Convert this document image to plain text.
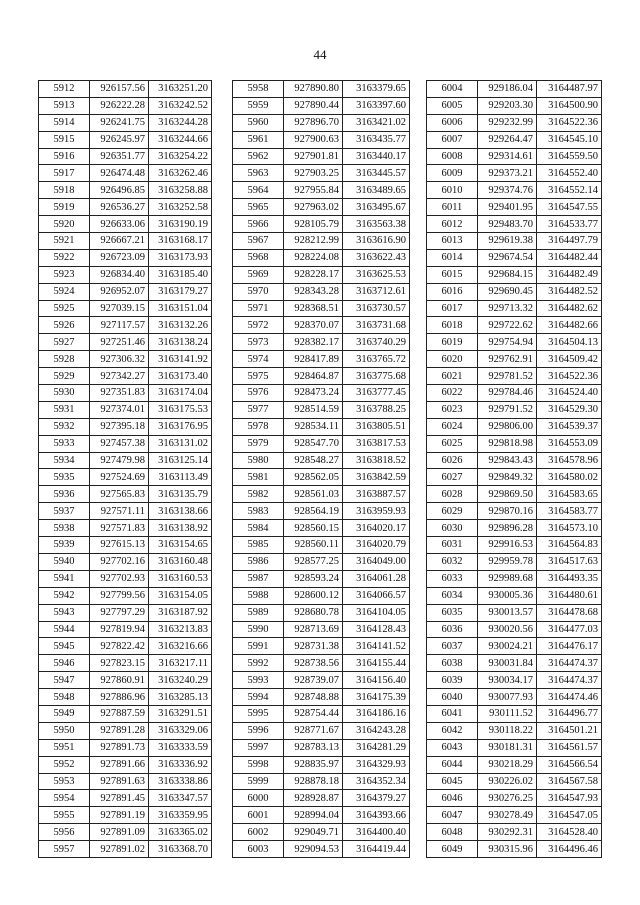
44
5912	926157.56	3163251.20
5913	926222.28	3163242.52
5914	926241.75	3163244.28
5915	926245.97	3163244.66
5916	926351.77	3163254.22
5917	926474.48	3163262.46
5918	926496.85	3163258.88
5919	926536.27	3163252.58
5920	926633.06	3163190.19
5921	926667.21	3163168.17
5922	926723.09	3163173.93
5923	926834.40	3163185.40
5924	926952.07	3163179.27
5925	927039.15	3163151.04
5926	927117.57	3163132.26
5927	927251.46	3163138.24
5928	927306.32	3163141.92
5929	927342.27	3163173.40
5930	927351.83	3163174.04
5931	927374.01	3163175.53
5932	927395.18	3163176.95
5933	927457.38	3163131.02
5934	927479.98	3163125.14
5935	927524.69	3163113.49
5936	927565.83	3163135.79
5937	927571.11	3163138.66
5938	927571.83	3163138.92
5939	927615.13	3163154.65
5940	927702.16	3163160.48
5941	927702.93	3163160.53
5942	927799.56	3163154.05
5943	927797.29	3163187.92
5944	927819.94	3163213.83
5945	927822.42	3163216.66
5946	927823.15	3163217.11
5947	927860.91	3163240.29
5948	927886.96	3163285.13
5949	927887.59	3163291.51
5950	927891.28	3163329.06
5951	927891.73	3163333.59
5952	927891.66	3163336.92
5953	927891.63	3163338.86
5954	927891.45	3163347.57
5955	927891.19	3163359.95
5956	927891.09	3163365.02
5957	927891.02	3163368.70
5958	927890.80	3163379.65
5959	927890.44	3163397.60
5960	927896.70	3163421.02
5961	927900.63	3163435.77
5962	927901.81	3163440.17
5963	927903.25	3163445.57
5964	927955.84	3163489.65
5965	927963.02	3163495.67
5966	928105.79	3163563.38
5967	928212.99	3163616.90
5968	928224.08	3163622.43
5969	928228.17	3163625.53
5970	928343.28	3163712.61
5971	928368.51	3163730.57
5972	928370.07	3163731.68
5973	928382.17	3163740.29
5974	928417.89	3163765.72
5975	928464.87	3163775.68
5976	928473.24	3163777.45
5977	928514.59	3163788.25
5978	928534.11	3163805.51
5979	928547.70	3163817.53
5980	928548.27	3163818.52
5981	928562.05	3163842.59
5982	928561.03	3163887.57
5983	928564.19	3163959.93
5984	928560.15	3164020.17
5985	928560.11	3164020.79
5986	928577.25	3164049.00
5987	928593.24	3164061.28
5988	928600.12	3164066.57
5989	928680.78	3164104.05
5990	928713.69	3164128.43
5991	928731.38	3164141.52
5992	928738.56	3164155.44
5993	928739.07	3164156.40
5994	928748.88	3164175.39
5995	928754.44	3164186.16
5996	928771.67	3164243.28
5997	928783.13	3164281.29
5998	928835.97	3164329.93
5999	928878.18	3164352.34
6000	928928.87	3164379.27
6001	928994.04	3164393.66
6002	929049.71	3164400.40
6003	929094.53	3164419.44
6004	929186.04	3164487.97
6005	929203.30	3164500.90
6006	929232.99	3164522.36
6007	929264.47	3164545.10
6008	929314.61	3164559.50
6009	929373.21	3164552.40
6010	929374.76	3164552.14
6011	929401.95	3164547.55
6012	929483.70	3164533.77
6013	929619.38	3164497.79
6014	929674.54	3164482.44
6015	929684.15	3164482.49
6016	929690.45	3164482.52
6017	929713.32	3164482.62
6018	929722.62	3164482.66
6019	929754.94	3164504.13
6020	929762.91	3164509.42
6021	929781.52	3164522.36
6022	929784.46	3164524.40
6023	929791.52	3164529.30
6024	929806.00	3164539.37
6025	929818.98	3164553.09
6026	929843.43	3164578.96
6027	929849.32	3164580.02
6028	929869.50	3164583.65
6029	929870.16	3164583.77
6030	929896.28	3164573.10
6031	929916.53	3164564.83
6032	929959.78	3164517.63
6033	929989.68	3164493.35
6034	930005.36	3164480.61
6035	930013.57	3164478.68
6036	930020.56	3164477.03
6037	930024.21	3164476.17
6038	930031.84	3164474.37
6039	930034.17	3164474.37
6040	930077.93	3164474.46
6041	930111.52	3164496.77
6042	930118.22	3164501.21
6043	930181.31	3164561.57
6044	930218.29	3164566.54
6045	930226.02	3164567.58
6046	930276.25	3164547.93
6047	930278.49	3164547.05
6048	930292.31	3164528.40
6049	930315.96	3164496.46
